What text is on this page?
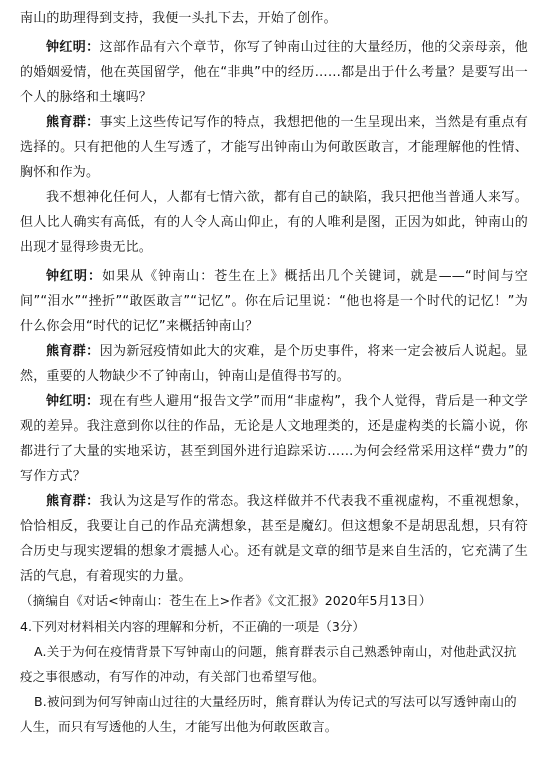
南山的助理得到支持，我便一头扎下去，开始了创作。

钟红明：这部作品有六个章节，你写了钟南山过往的大量经历，他的父亲母亲，他的婚姻爱情，他在英国留学，他在“非典”中的经历……都是出于什么考量？是要写出一个人的脉络和土壤吗？

熊育群：事实上这些传记写作的特点，我想把他的一生呈现出来，当然是有重点有选择的。只有把他的人生写透了，才能写出钟南山为何敢医敢言，才能理解他的性情、胸怀和作为。

我不想神化任何人，人都有七情六欲，都有自己的缺陷，我只把他当普通人来写。但人比人确实有高低，有的人令人高山仰止，有的人唯利是图，正因为如此，钟南山的出现才显得珍贵无比。

钟红明：如果从《钟南山：苍生在上》概括出几个关键词，就是——“时间与空间”“泪水”“挫折”“敢医敢言”“记忆”。你在后记里说：“他也将是一个时代的记忆！”为什么你会用“时代的记忆”来概括钟南山？

熊育群：因为新冠疫情如此大的灾难，是个历史事件，将来一定会被后人说起。显然，重要的人物缺少不了钟南山，钟南山是值得书写的。

钟红明：现在有些人避用“报告文学”而用“非虚构”，我个人觉得，背后是一种文学观的差异。我注意到你以往的作品，无论是人文地理类的，还是虚构类的长篇小说，你都进行了大量的实地采访，甚至到国外进行追踪采访……为何会经常采用这样“费力”的写作方式？

熊育群：我认为这是写作的常态。我这样做并不代表我不重视虚构，不重视想象，恰恰相反，我要让自己的作品充满想象，甚至是魔幻。但这想象不是胡思乱想，只有符合历史与现实逻辑的想象才震撼人心。还有就是文章的细节是来自生活的，它充满了生活的气息，有着现实的力量。

（摘编自《对话<钟南山：苍生在上>作者》《文汇报》2020年5月13日）

4.下列对材料相关内容的理解和分析，不正确的一项是（3分）

A.关于为何在疫情背景下写钟南山的问题，熊育群表示自己熟悉钟南山，对他赴武汉抗疫之事很感动，有写作的冲动，有关部门也希望写他。

B.被问到为何写钟南山过往的大量经历时，熊育群认为传记式的写法可以写透钟南山的人生，而只有写透他的人生，才能写出他为何敢医敢言。
